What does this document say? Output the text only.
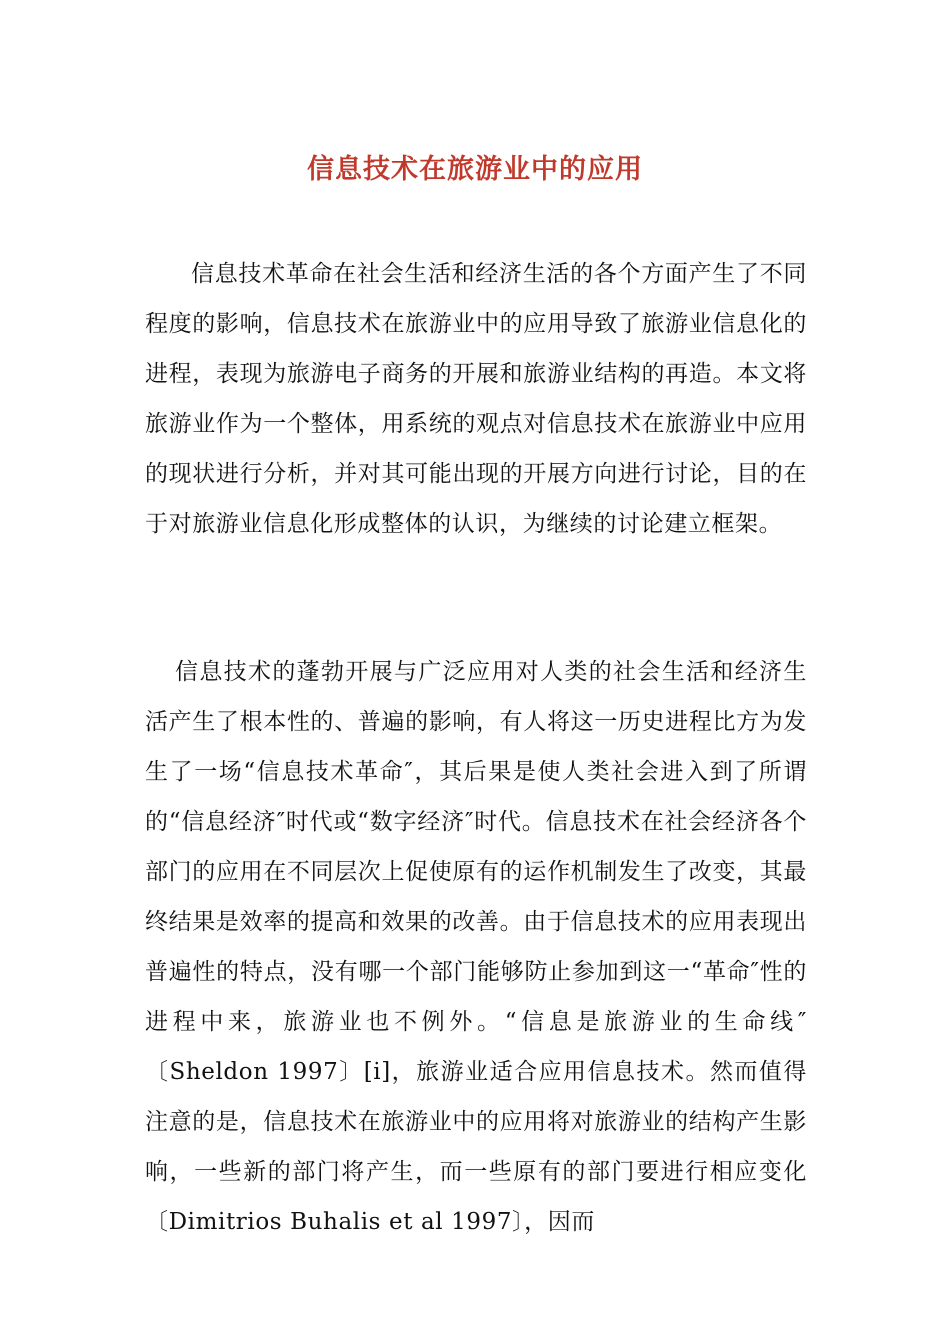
信息技术在旅游业中的应用

信息技术革命在社会生活和经济生活的各个方面产生了不同程度的影响，信息技术在旅游业中的应用导致了旅游业信息化的进程，表现为旅游电子商务的开展和旅游业结构的再造。本文将旅游业作为一个整体，用系统的观点对信息技术在旅游业中应用的现状进行分析，并对其可能出现的开展方向进行讨论，目的在于对旅游业信息化形成整体的认识，为继续的讨论建立框架。

信息技术的蓬勃开展与广泛应用对人类的社会生活和经济生活产生了根本性的、普遍的影响，有人将这一历史进程比方为发生了一场“信息技术革命″，其后果是使人类社会进入到了所谓的“信息经济″时代或“数字经济″时代。信息技术在社会经济各个部门的应用在不同层次上促使原有的运作机制发生了改变，其最终结果是效率的提高和效果的改善。由于信息技术的应用表现出普遍性的特点，没有哪一个部门能够防止参加到这一“革命″性的进程中来，旅游业也不例外。“信息是旅游业的生命线″〔Sheldon 1997〕[i]，旅游业适合应用信息技术。然而值得注意的是，信息技术在旅游业中的应用将对旅游业的结构产生影响，一些新的部门将产生，而一些原有的部门要进行相应变化〔Dimitrios Buhalis et al 1997〕，因而
